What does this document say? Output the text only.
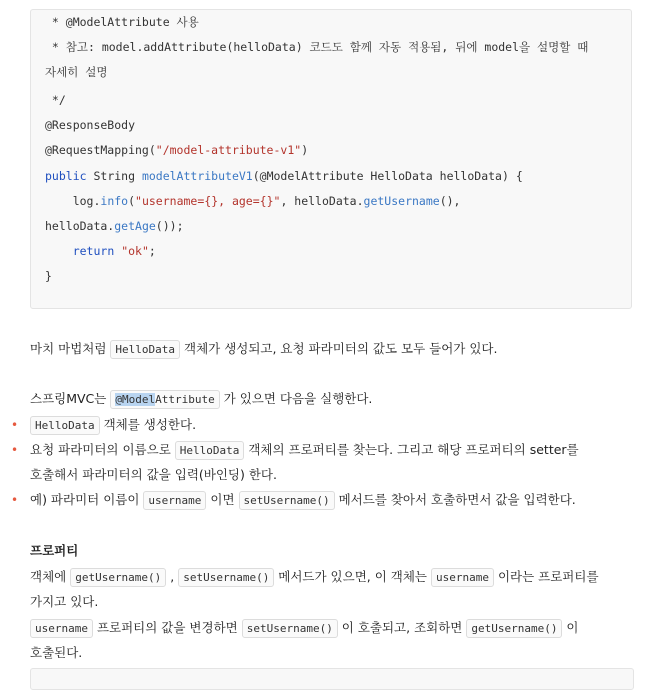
* @ModelAttribute 사용
* 참고: model.addAttribute(helloData) 코드도 함께 자동 적용됨, 뒤에 model을 설명할 때
자세히 설명
*/
@ResponseBody
@RequestMapping("/model-attribute-v1")
public String modelAttributeV1(@ModelAttribute HelloData helloData) {
log.info("username={}, age={}", helloData.getUsername(),
helloData.getAge());
return "ok";
}
마치 마법처럼 HelloData 객체가 생성되고, 요청 파라미터의 값도 모두 들어가 있다.
스프링MVC는 @ModelAttribute 가 있으면 다음을 실행한다.
•	HelloData 객체를 생성한다.
• 요청 파라미터의 이름으로 HelloData 객체의 프로퍼티를 찾는다. 그리고 해당 프로퍼티의 setter를
호출해서 파라미터의 값을 입력(바인딩) 한다.
• 예) 파라미터 이름이 username 이면 setUsername() 메서드를 찾아서 호출하면서 값을 입력한다.
프로퍼티
객체에 getUsername() , setUsername() 메서드가 있으면, 이 객체는 username 이라는 프로퍼티를
가지고 있다.
username 프로퍼티의 값을 변경하면 setUsername() 이 호출되고, 조회하면 getUsername() 이
호출된다.
